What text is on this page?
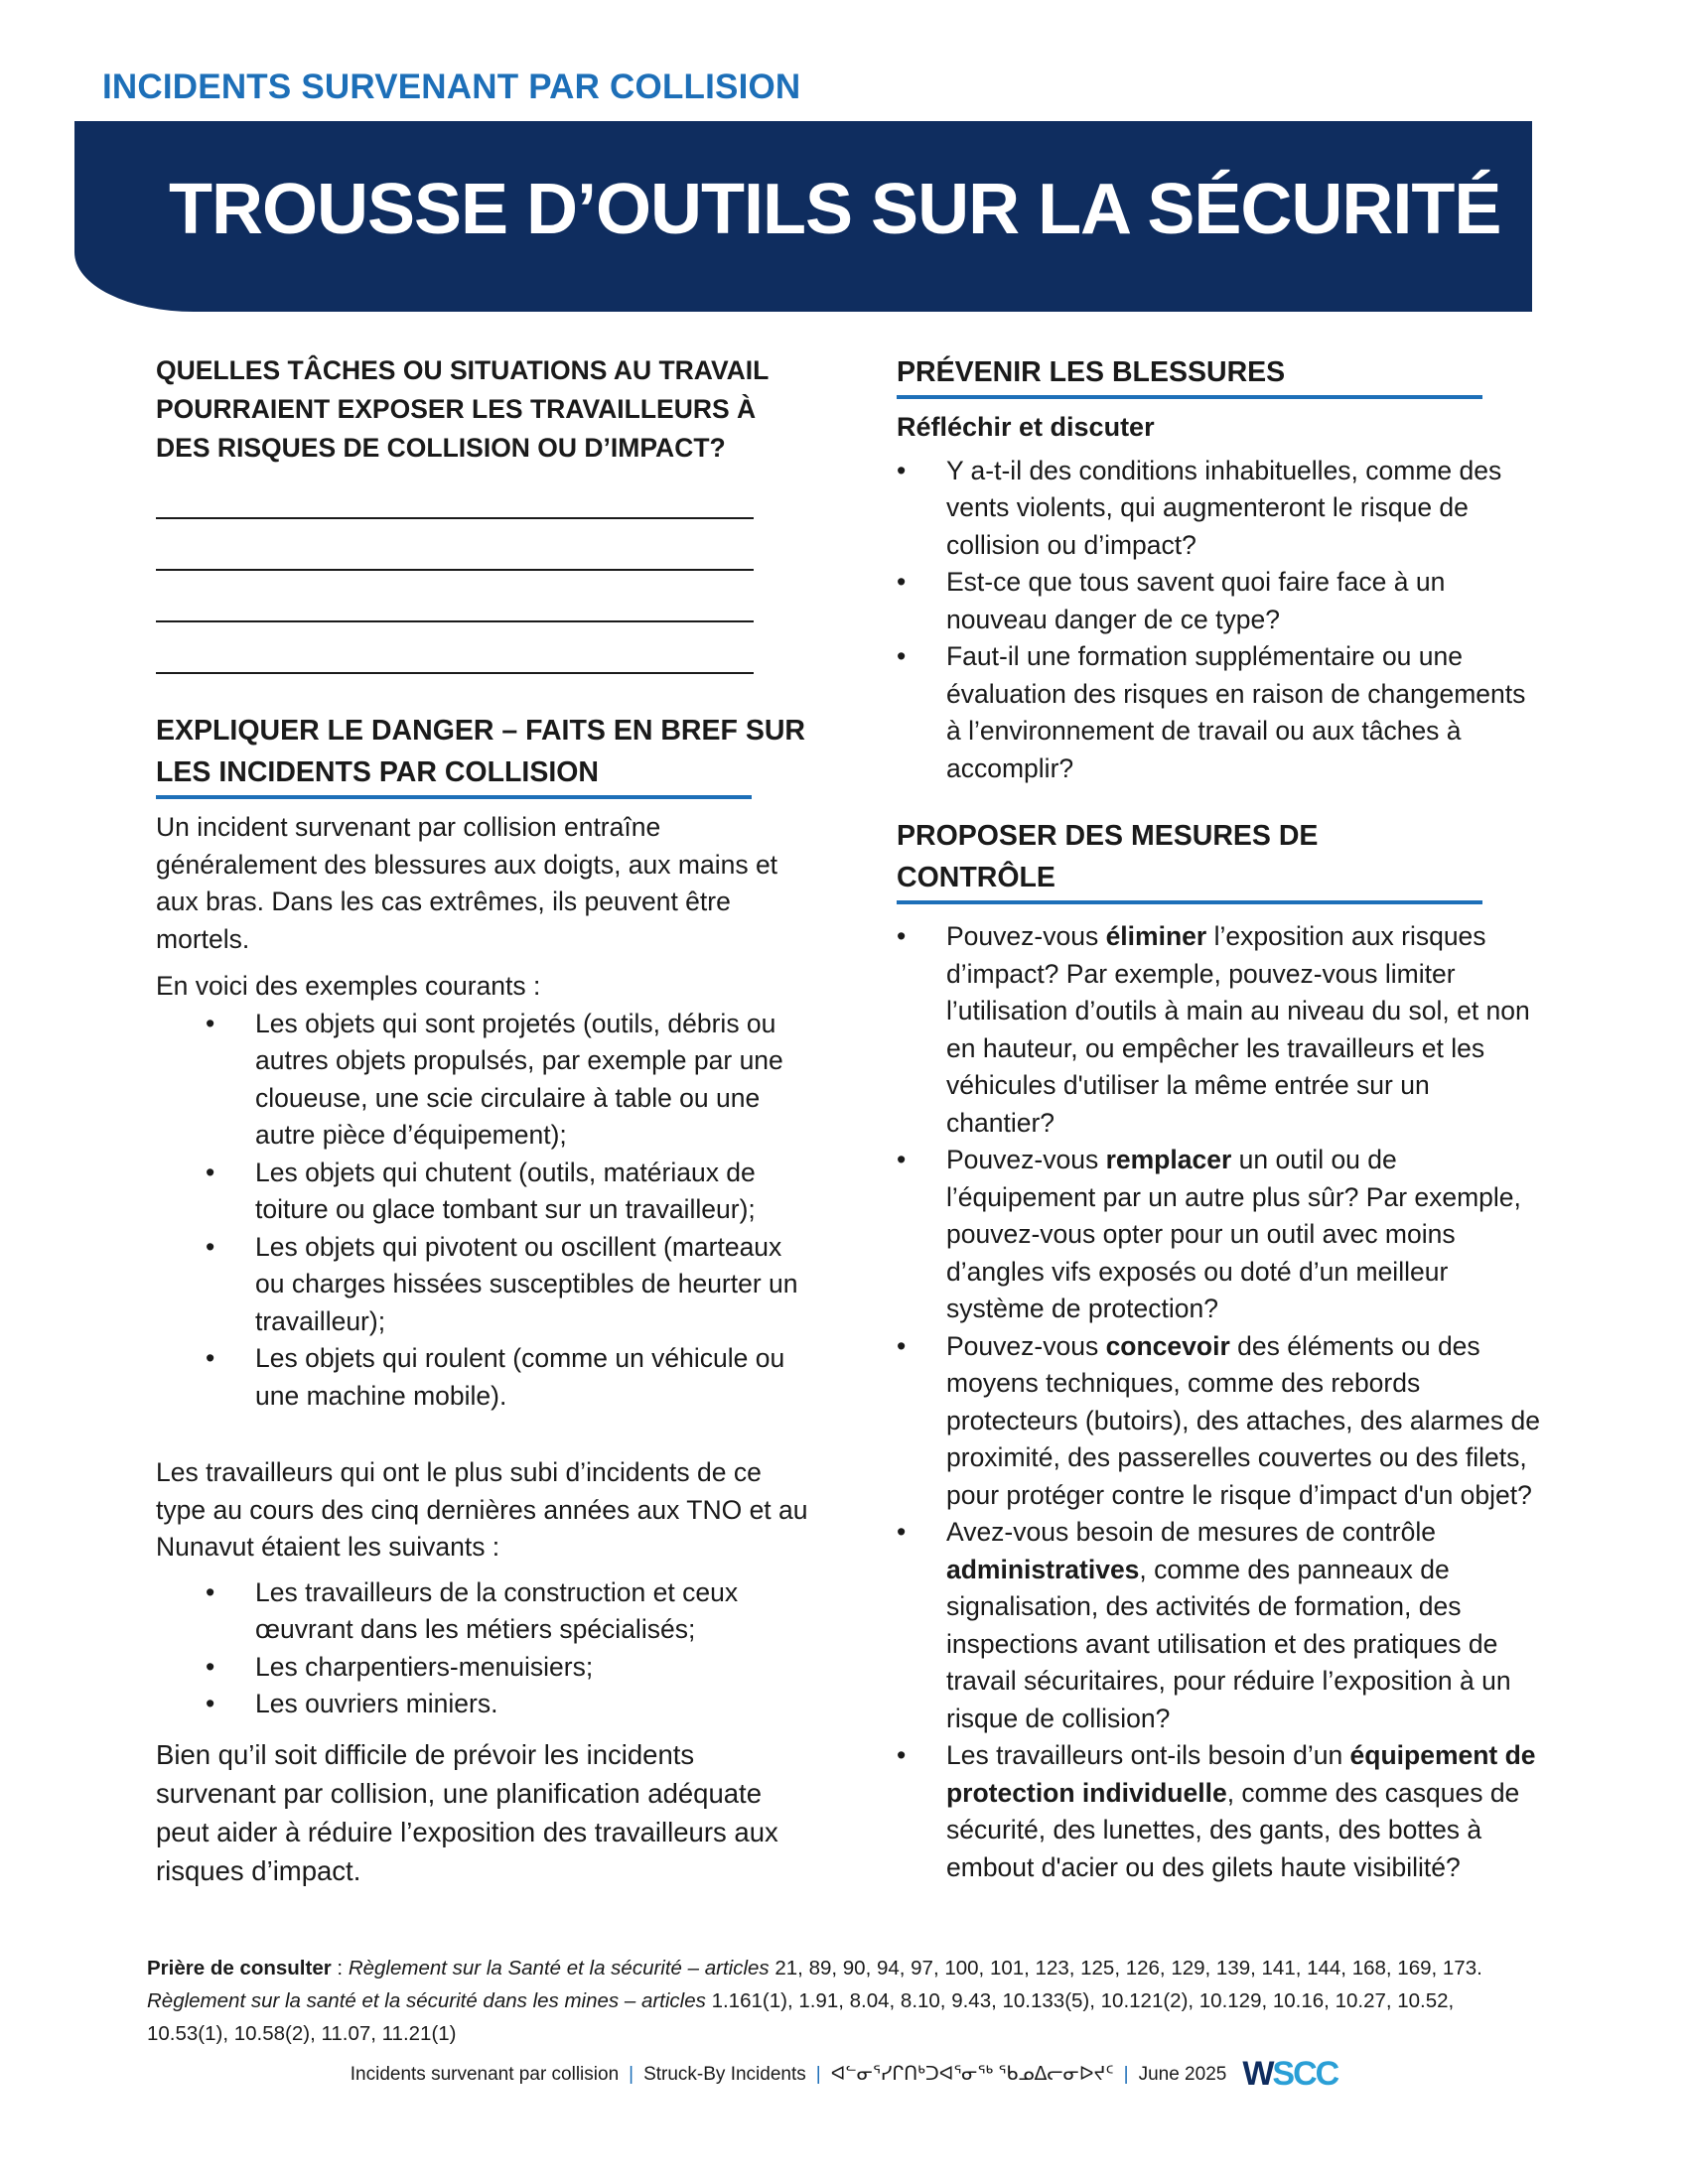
INCIDENTS SURVENANT PAR COLLISION
TROUSSE D’OUTILS SUR LA SÉCURITÉ

QUELLES TÂCHES OU SITUATIONS AU TRAVAIL POURRAIENT EXPOSER LES TRAVAILLEURS À DES RISQUES DE COLLISION OU D’IMPACT?

EXPLIQUER LE DANGER – FAITS EN BREF SUR

LES INCIDENTS PAR COLLISION

Un incident survenant par collision entraîne généralement des blessures aux doigts, aux mains et aux bras. Dans les cas extrêmes, ils peuvent être mortels.

En voici des exemples courants :

• Les objets qui sont projetés (outils, débris ou autres objets propulsés, par exemple par une cloueuse, une scie circulaire à table ou une autre pièce d’équipement);
• Les objets qui chutent (outils, matériaux de toiture ou glace tombant sur un travailleur);
• Les objets qui pivotent ou oscillent (marteaux ou charges hissées susceptibles de heurter un travailleur);
• Les objets qui roulent (comme un véhicule ou une machine mobile).

Les travailleurs qui ont le plus subi d’incidents de ce type au cours des cinq dernières années aux TNO et au Nunavut étaient les suivants :

• Les travailleurs de la construction et ceux œuvrant dans les métiers spécialisés;
• Les charpentiers-menuisiers;
• Les ouvriers miniers.

Bien qu’il soit difficile de prévoir les incidents survenant par collision, une planification adéquate peut aider à réduire l’exposition des travailleurs aux risques d’impact.

PRÉVENIR LES BLESSURES

Réfléchir et discuter

• Y a-t-il des conditions inhabituelles, comme des vents violents, qui augmenteront le risque de collision ou d’impact?
• Est-ce que tous savent quoi faire face à un nouveau danger de ce type?
• Faut-il une formation supplémentaire ou une évaluation des risques en raison de changements à l’environnement de travail ou aux tâches à accomplir?

PROPOSER DES MESURES DE CONTRÔLE

• Pouvez-vous éliminer l’exposition aux risques d’impact? Par exemple, pouvez-vous limiter l’utilisation d’outils à main au niveau du sol, et non en hauteur, ou empêcher les travailleurs et les véhicules d'utiliser la même entrée sur un chantier?
• Pouvez-vous remplacer un outil ou de l’équipement par un autre plus sûr? Par exemple, pouvez-vous opter pour un outil avec moins d’angles vifs exposés ou doté d’un meilleur système de protection?
• Pouvez-vous concevoir des éléments ou des moyens techniques, comme des rebords protecteurs (butoirs), des attaches, des alarmes de proximité, des passerelles couvertes ou des filets, pour protéger contre le risque d’impact d'un objet?
• Avez-vous besoin de mesures de contrôle administratives, comme des panneaux de signalisation, des activités de formation, des inspections avant utilisation et des pratiques de travail sécuritaires, pour réduire l’exposition à un risque de collision?
• Les travailleurs ont-ils besoin d’un équipement de protection individuelle, comme des casques de sécurité, des lunettes, des gants, des bottes à embout d'acier ou des gilets haute visibilité?
Prière de consulter : Règlement sur la Santé et la sécurité – articles 21, 89, 90, 94, 97, 100, 101, 123, 125, 126, 129, 139, 141, 144, 168, 169, 173. Règlement sur la santé et la sécurité dans les mines – articles 1.161(1), 1.91, 8.04, 8.10, 9.43, 10.133(5), 10.121(2), 10.129, 10.16, 10.27, 10.52, 10.53(1), 10.58(2), 11.07, 11.21(1)
Incidents survenant par collision | Struck-By Incidents | ᐊᓪᓂᕐᓯᒋᑎᒃᑐᐊᕐᓂᖅ ᖃᓄᐃᓕᓂᐅᔪᑦ | June 2025 WSCC
